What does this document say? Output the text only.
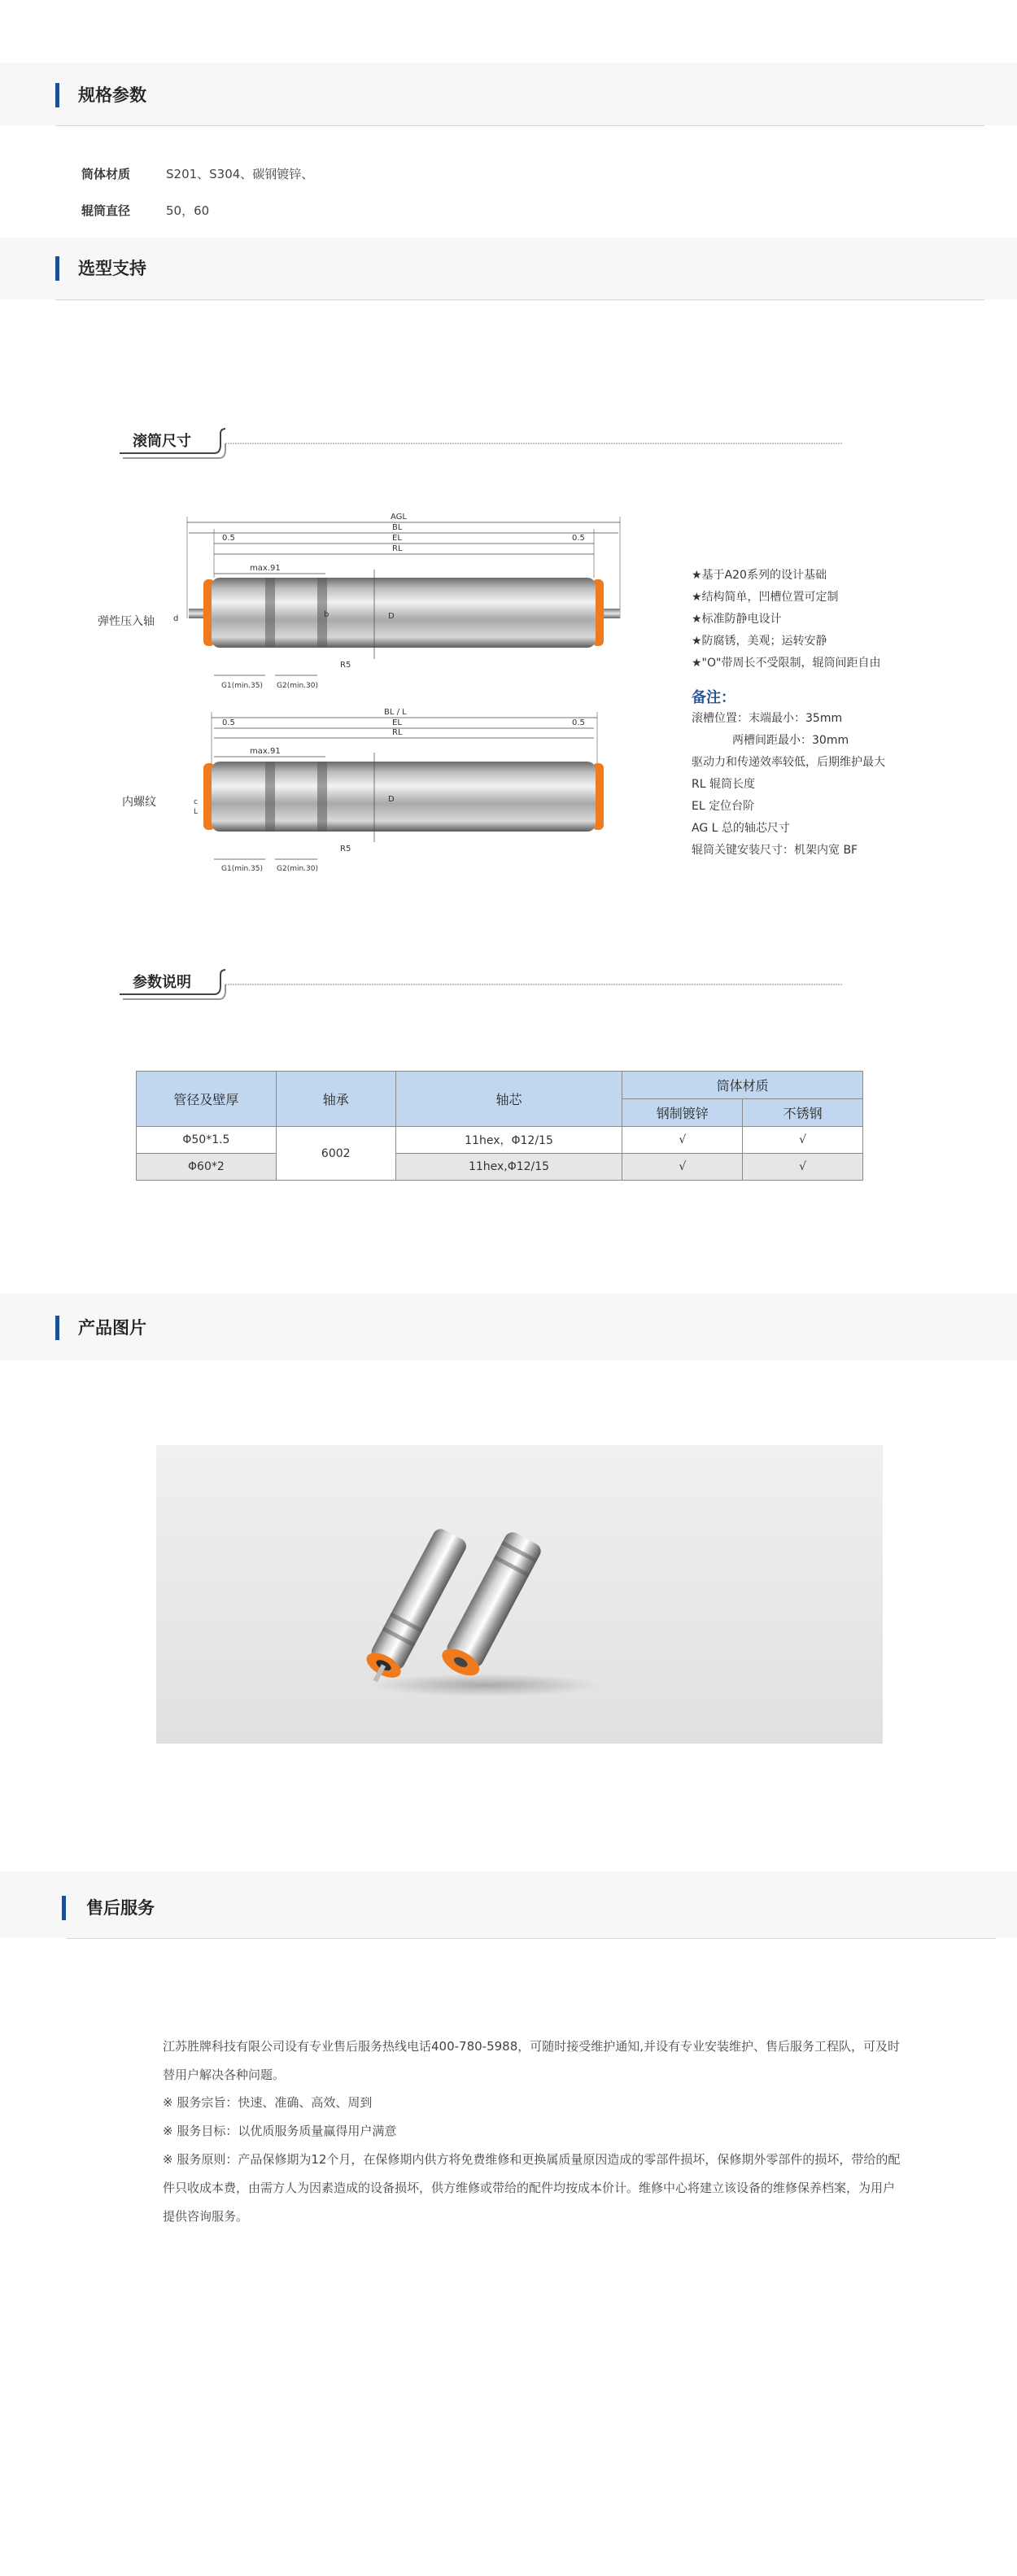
规格参数
筒体材质	S201、S304、碳钢镀锌、
辊筒直径	50，60
选型支持
滚筒尺寸
AGL
BL
EL
0.5	0.5
RL
max.91
D
d	b
G1(min.35) G2(min.30)
R5
弹性压入轴
BL / L
EL
0.5	0.5
RL
max.91
D
c
L
G1(min.35) G2(min.30)
R5
内螺纹
★基于A20系列的设计基础
★结构简单，凹槽位置可定制
★标准防静电设计
★防腐锈，美观；运转安静
★"O"带周长不受限制，辊筒间距自由
备注：
滚槽位置：末端最小：35mm
两槽间距最小：30mm
驱动力和传递效率较低，后期维护最大
RL 辊筒长度
EL 定位台阶
AG L 总的轴芯尺寸
辊筒关键安装尺寸：机架内宽 BF
参数说明
管径及壁厚	轴承	轴芯	筒体材质	
			钢制镀锌	不锈钢
Φ50*1.5	6002	11hex，Φ12/15	√	√
Φ60*2		11hex,Φ12/15	√	√
产品图片
售后服务
江苏胜牌科技有限公司设有专业售后服务热线电话400-780-5988，可随时接受维护通知,并设有专业安装维护、售后服务工程队，可及时替用户解决各种问题。
※ 服务宗旨：快速、准确、高效、周到
※ 服务目标：以优质服务质量赢得用户满意
※ 服务原则：产品保修期为12个月，在保修期内供方将免费维修和更换属质量原因造成的零部件损坏，保修期外零部件的损坏，带给的配件只收成本费，由需方人为因素造成的设备损坏，供方维修或带给的配件均按成本价计。维修中心将建立该设备的维修保养档案，为用户提供咨询服务。
